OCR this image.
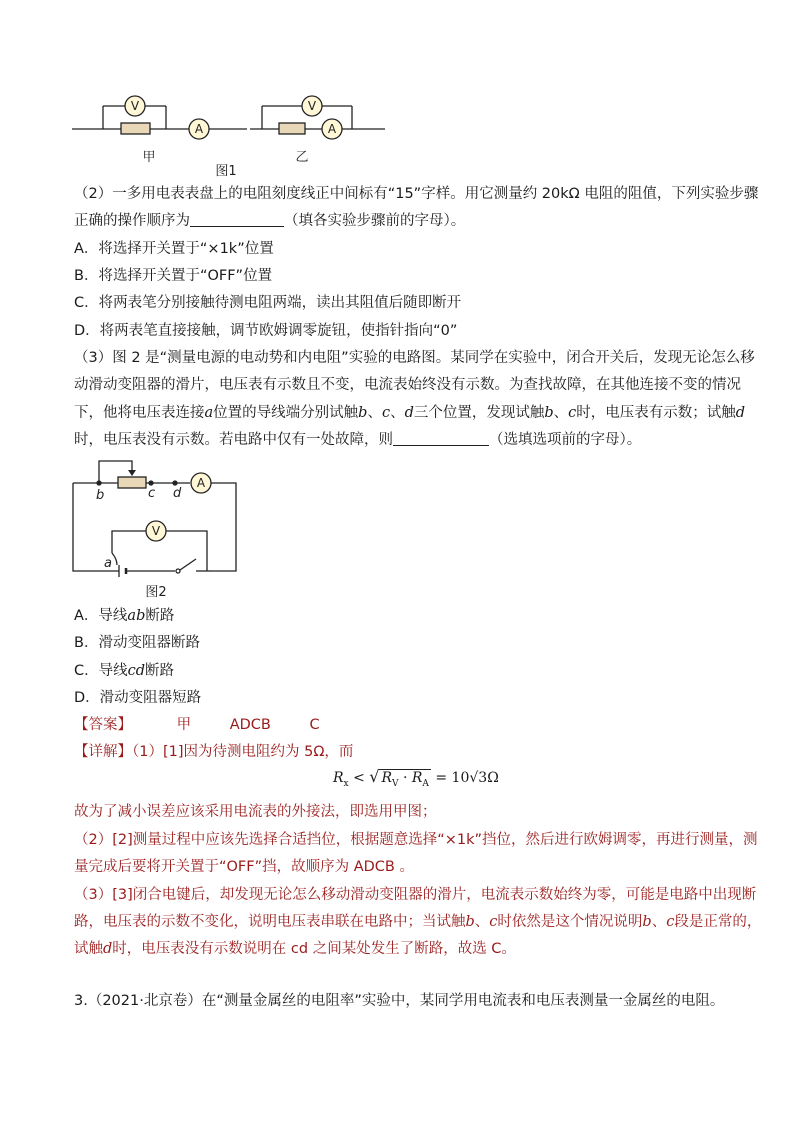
V
A
V
A
甲	乙
图1
（2）一多用电表表盘上的电阻刻度线正中间标有“15”字样。用它测量约 20kΩ 电阻的阻值，下列实验步骤
正确的操作顺序为	（填各实验步骤前的字母）。
A．将选择开关置于“×1k”位置
B．将选择开关置于“OFF”位置
C．将两表笔分别接触待测电阻两端，读出其阻值后随即断开
D．将两表笔直接接触，调节欧姆调零旋钮，使指针指向“0”
（3）图 2 是“测量电源的电动势和内电阻”实验的电路图。某同学在实验中，闭合开关后，发现无论怎么移
动滑动变阻器的滑片，电压表有示数且不变，电流表始终没有示数。为查找故障，在其他连接不变的情况
下，他将电压表连接a位置的导线端分别试触b、c、d三个位置，发现试触b、c时，电压表有示数；试触d
时，电压表没有示数。若电路中仅有一处故障，则	（选填选项前的字母）。
A
V
a
b	c d
图2
A．导线ab断路
B．滑动变阻器断路
C．导线cd断路
D．滑动变阻器短路
【答案】	甲	ADCB	C
【详解】（1）[1]因为待测电阻约为 5Ω，而
$R_x$ < √ $R_V \cdot R_A = 10√3\Omega$
故为了减小误差应该采用电流表的外接法，即选用甲图；
（2）[2]测量过程中应该先选择合适挡位，根据题意选择“×1k”挡位，然后进行欧姆调零，再进行测量，测
量完成后要将开关置于“OFF”挡，故顺序为 ADCB 。
（3）[3]闭合电键后，却发现无论怎么移动滑动变阻器的滑片，电流表示数始终为零，可能是电路中出现断
路，电压表的示数不变化，说明电压表串联在电路中；当试触b、c时依然是这个情况说明b、c段是正常的，
试触d时，电压表没有示数说明在 cd 之间某处发生了断路，故选 C。
3.（2021·北京卷）在“测量金属丝的电阻率”实验中，某同学用电流表和电压表测量一金属丝的电阻。
